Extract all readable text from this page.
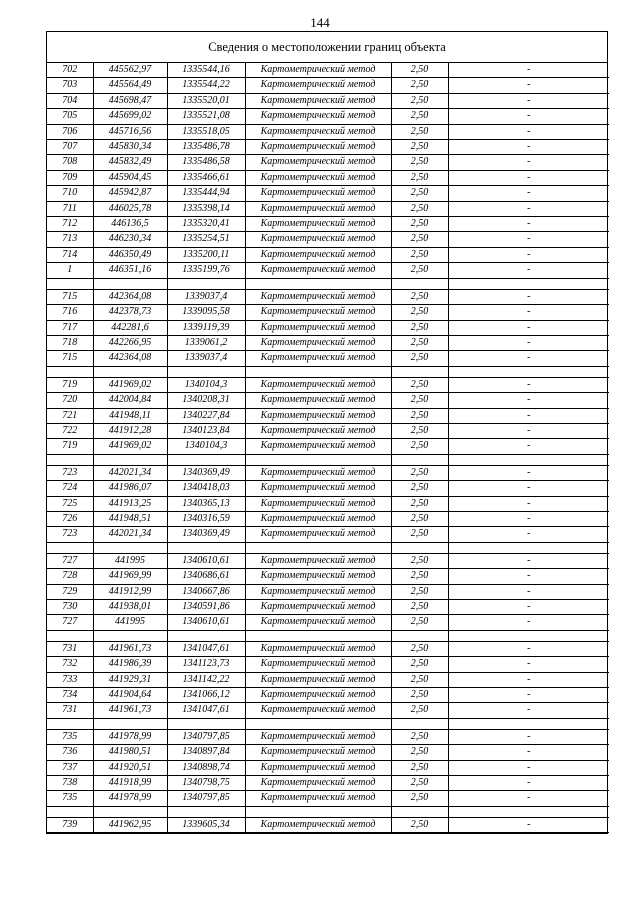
144
Сведения о местоположении границ объекта
702	445562,97	1335544,16	Картометрический метод	2,50	-
703	445564,49	1335544,22	Картометрический метод	2,50	-
704	445698,47	1335520,01	Картометрический метод	2,50	-
705	445699,02	1335521,08	Картометрический метод	2,50	-
706	445716,56	1335518,05	Картометрический метод	2,50	-
707	445830,34	1335486,78	Картометрический метод	2,50	-
708	445832,49	1335486,58	Картометрический метод	2,50	-
709	445904,45	1335466,61	Картометрический метод	2,50	-
710	445942,87	1335444,94	Картометрический метод	2,50	-
711	446025,78	1335398,14	Картометрический метод	2,50	-
712	446136,5	1335320,41	Картометрический метод	2,50	-
713	446230,34	1335254,51	Картометрический метод	2,50	-
714	446350,49	1335200,11	Картометрический метод	2,50	-
1	446351,16	1335199,76	Картометрический метод	2,50	-

715	442364,08	1339037,4	Картометрический метод	2,50	-
716	442378,73	1339095,58	Картометрический метод	2,50	-
717	442281,6	1339119,39	Картометрический метод	2,50	-
718	442266,95	1339061,2	Картометрический метод	2,50	-
715	442364,08	1339037,4	Картометрический метод	2,50	-

719	441969,02	1340104,3	Картометрический метод	2,50	-
720	442004,84	1340208,31	Картометрический метод	2,50	-
721	441948,11	1340227,84	Картометрический метод	2,50	-
722	441912,28	1340123,84	Картометрический метод	2,50	-
719	441969,02	1340104,3	Картометрический метод	2,50	-

723	442021,34	1340369,49	Картометрический метод	2,50	-
724	441986,07	1340418,03	Картометрический метод	2,50	-
725	441913,25	1340365,13	Картометрический метод	2,50	-
726	441948,51	1340316,59	Картометрический метод	2,50	-
723	442021,34	1340369,49	Картометрический метод	2,50	-

727	441995	1340610,61	Картометрический метод	2,50	-
728	441969,99	1340686,61	Картометрический метод	2,50	-
729	441912,99	1340667,86	Картометрический метод	2,50	-
730	441938,01	1340591,86	Картометрический метод	2,50	-
727	441995	1340610,61	Картометрический метод	2,50	-

731	441961,73	1341047,61	Картометрический метод	2,50	-
732	441986,39	1341123,73	Картометрический метод	2,50	-
733	441929,31	1341142,22	Картометрический метод	2,50	-
734	441904,64	1341066,12	Картометрический метод	2,50	-
731	441961,73	1341047,61	Картометрический метод	2,50	-

735	441978,99	1340797,85	Картометрический метод	2,50	-
736	441980,51	1340897,84	Картометрический метод	2,50	-
737	441920,51	1340898,74	Картометрический метод	2,50	-
738	441918,99	1340798,75	Картометрический метод	2,50	-
735	441978,99	1340797,85	Картометрический метод	2,50	-

739	441962,95	1339605,34	Картометрический метод	2,50	-
